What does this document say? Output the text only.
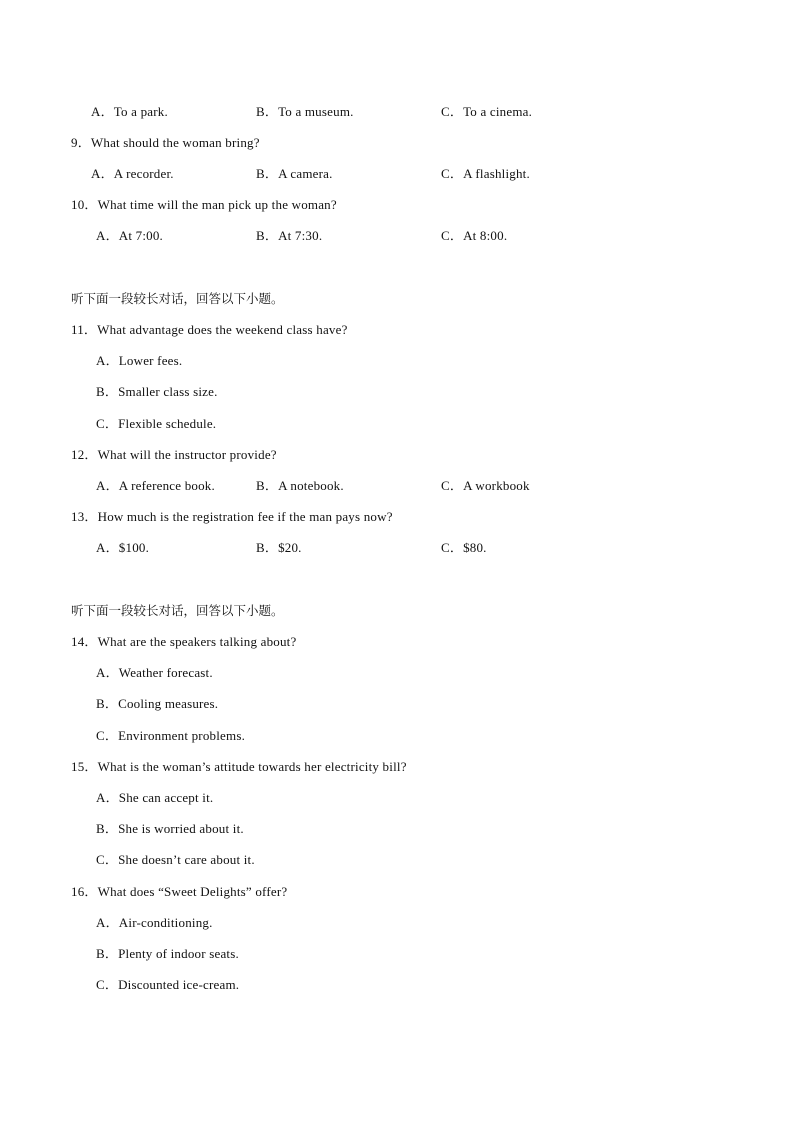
A．To a park.	B．To a museum.	C．To a cinema.
9．What should the woman bring?
A．A recorder.	B．A camera.	C．A flashlight.
10．What time will the man pick up the woman?
A．At 7:00.	B．At 7:30.	C．At 8:00.
听下面一段较长对话，回答以下小题。
11．What advantage does the weekend class have?
A．Lower fees.
B．Smaller class size.
C．Flexible schedule.
12．What will the instructor provide?
A．A reference book.	B．A notebook.	C．A workbook
13．How much is the registration fee if the man pays now?
A．$100.	B．$20.	C．$80.
听下面一段较长对话，回答以下小题。
14．What are the speakers talking about?
A．Weather forecast.
B．Cooling measures.
C．Environment problems.
15．What is the woman’s attitude towards her electricity bill?
A．She can accept it.
B．She is worried about it.
C．She doesn’t care about it.
16．What does “Sweet Delights” offer?
A．Air-conditioning.
B．Plenty of indoor seats.
C．Discounted ice-cream.
